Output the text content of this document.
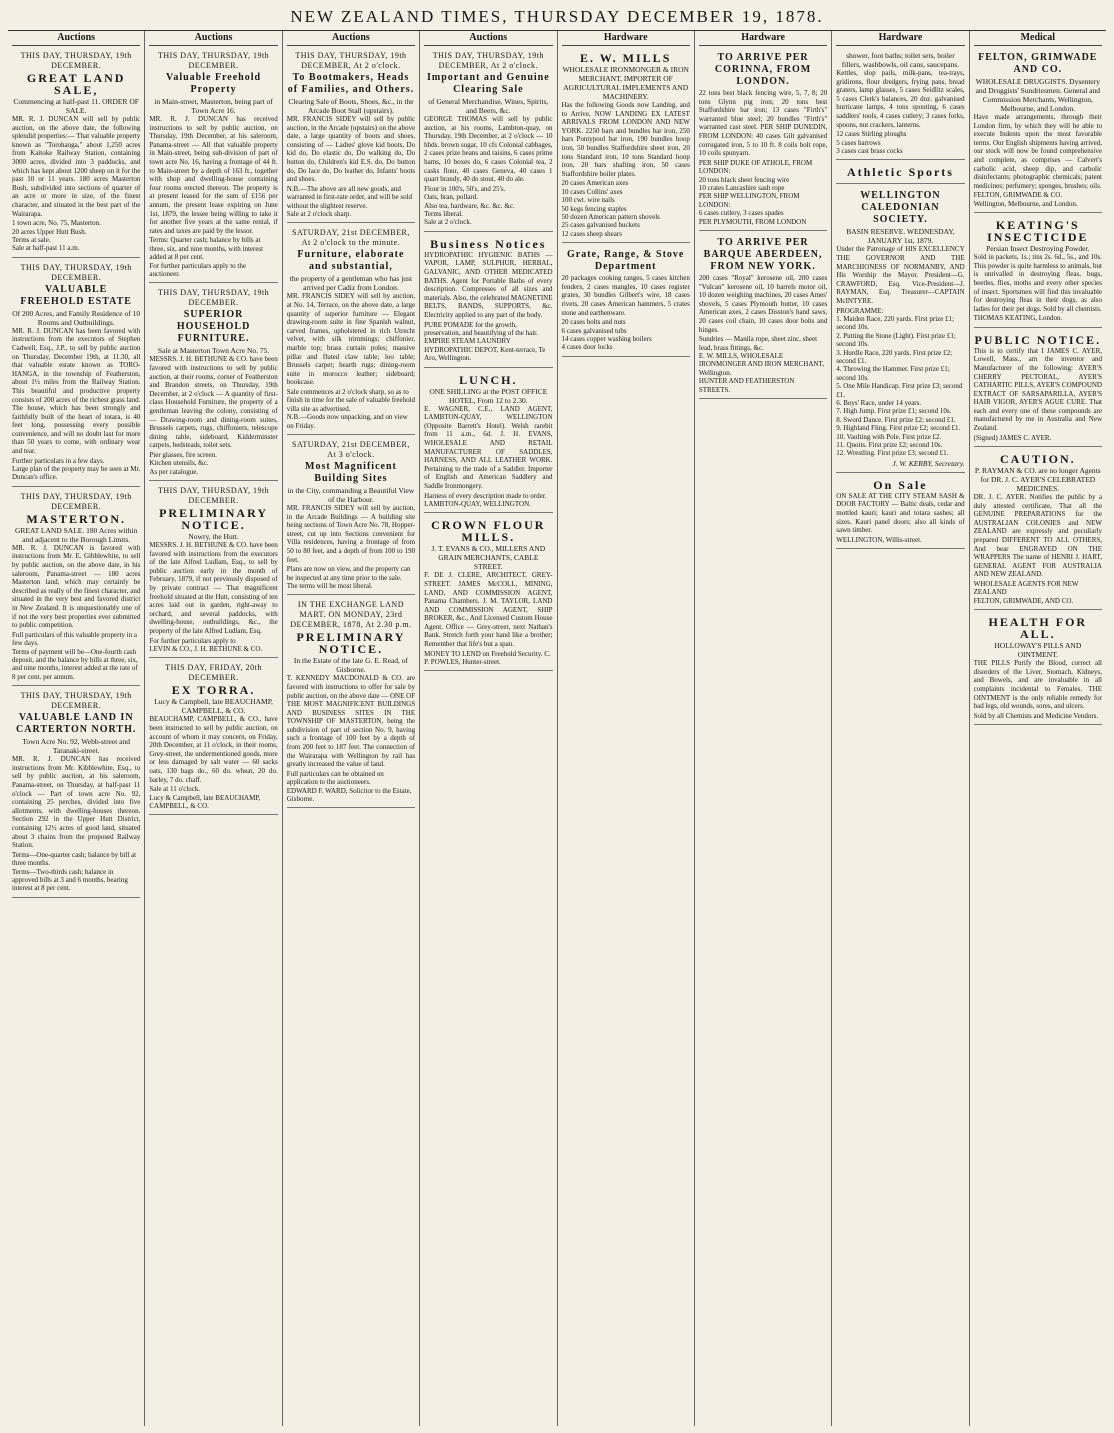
NEW ZEALAND TIMES, THURSDAY DECEMBER 19, 1878.
Auctions
THIS DAY, THURSDAY, 19th DECEMBER.
GREAT LAND SALE,
Commencing at half-past 11. ORDER OF SALE.
MR. R. J. DUNCAN will sell by public auction, on the above date, the following splendid properties:— That valuable property known as "Torohanga," about 1,250 acres from Kaitoke Railway Station, containing 3000 acres, divided into 3 paddocks, and which has kept about 1200 sheep on it for the past 10 or 11 years. 180 acres Masterton Bush, subdivided into sections of quarter of an acre or more in size, of the finest character, and situated in the best part of the Wairarapa.
1 town acre, No. 75, Masterton.
20 acres Upper Hutt Bush.
Terms at sale.
Sale at half-past 11 a.m.
THIS DAY, THURSDAY, 19th DECEMBER.
VALUABLE FREEHOLD ESTATE
Of 200 Acres, and Family Residence of 10 Rooms and Outbuildings.
MR. R. J. DUNCAN has been favored with instructions from the executors of Stephen Cadwell, Esq., J.P., to sell by public auction on Thursday, December 19th, at 11.30, all that valuable estate known as TORO-HANGA, in the township of Featherston, about 1½ miles from the Railway Station. This beautiful and productive property consists of 200 acres of the richest grass land. The house, which has been strongly and faithfully built of the heart of totara, is 40 feet long, possessing every possible convenience, and will no doubt last for more than 50 years to come, with ordinary wear and tear.
Further particulars in a few days.
Large plan of the property may be seen at Mr. Duncan's office.
THIS DAY, THURSDAY, 19th DECEMBER.
MASTERTON.
GREAT LAND SALE. 180 Acres within and adjacent to the Borough Limits.
MR. R. J. DUNCAN is favored with instructions from Mr. E. Gibblewhite, to sell by public auction, on the above date, in his saleroom, Panama-street — 180 acres Masterton land, which may certainly be described as really of the finest character, and situated in the very best and favored district in New Zealand. It is unquestionably one of if not the very best properties ever submitted to public competition.
Full particulars of this valuable property in a few days.
Terms of payment will be—One-fourth cash deposit, and the balance by bills at three, six, and nine months, interest added at the rate of 8 per cent. per annum.
THIS DAY, THURSDAY, 19th DECEMBER.
VALUABLE LAND IN CARTERTON NORTH.
Town Acre No. 92, Webb-street and Taranaki-street.
MR. R. J. DUNCAN has received instructions from Mr. Kibblewhite, Esq., to sell by public auction, at his saleroom, Panama-street, on Thursday, at half-past 11 o'clock — Part of town acre No. 92, containing 25 perches, divided into five allotments, with dwelling-houses thereon. Section 292 in the Upper Hutt District, containing 12½ acres of good land, situated about 3 chains from the proposed Railway Station.
Terms—One-quarter cash; balance by bill at three months.
Terms—Two-thirds cash; balance in approved bills at 3 and 6 months, bearing interest at 8 per cent.
Auctions
THIS DAY, THURSDAY, 19th DECEMBER.
Valuable Freehold Property
in Main-street, Masterton, being part of Town Acre 16.
MR. R. J. DUNCAN has received instructions to sell by public auction, on Thursday, 19th December, at his saleroom, Panama-street — All that valuable property in Main-street, being sub-division of part of town acre No. 16, having a frontage of 44 ft. to Main-street by a depth of 163 ft., together with shop and dwelling-house containing four rooms erected thereon. The property is at present leased for the sum of £156 per annum, the present lease expiring on June 1st, 1879, the lessee being willing to take it for another five years at the same rental, if rates and taxes are paid by the lessor.
Terms: Quarter cash; balance by bills at three, six, and nine months, with interest added at 8 per cent.
For further particulars apply to the auctioneer.
THIS DAY, THURSDAY, 19th DECEMBER.
SUPERIOR HOUSEHOLD FURNITURE.
Sale at Masterton Town Acre No. 75.
MESSRS. J. H. BETHUNE & CO. have been favored with instructions to sell by public auction, at their rooms, corner of Featherston and Brandon streets, on Thursday, 19th December, at 2 o'clock — A quantity of first-class Household Furniture, the property of a gentleman leaving the colony, consisting of — Drawing-room and dining-room suites, Brussels carpets, rugs, chiffoniers, telescope dining table, sideboard, Kidderminster carpets, bedsteads, toilet sets.
Pier glasses, fire screen.
Kitchen utensils, &c.
As per catalogue.
THIS DAY, THURSDAY, 19th DECEMBER.
PRELIMINARY NOTICE.
Nowry, the Hutt.
MESSRS. J. H. BETHUNE & CO. have been favored with instructions from the executors of the late Alfred Ludlam, Esq., to sell by public auction early in the month of February, 1879, if not previously disposed of by private contract — That magnificent freehold situated at the Hutt, consisting of ten acres laid out in garden, right-away to orchard, and several paddocks, with dwelling-house, outbuildings, &c., the property of the late Alfred Ludlam, Esq.
For further particulars apply to
LEVIN & CO., J. H. BETHUNE & CO.
THIS DAY, FRIDAY, 20th DECEMBER.
EX TORRA.
Lucy & Campbell, late BEAUCHAMP, CAMPBELL, & CO.
BEAUCHAMP, CAMPBELL, & CO., have been instructed to sell by public auction, on account of whom it may concern, on Friday, 20th December, at 11 o'clock, in their rooms, Grey-street, the undermentioned goods, more or less damaged by salt water — 60 sacks oats, 130 bags do., 60 do. wheat, 20 do. barley, 7 do. chaff.
Sale at 11 o'clock.
Lucy & Campbell, late BEAUCHAMP, CAMPBELL, & CO.
Auctions
THIS DAY, THURSDAY, 19th DECEMBER, At 2 o'clock.
To Bootmakers, Heads of Families, and Others.
Clearing Sale of Boots, Shoes, &c., in the Arcade Boot Stall (upstairs).
MR. FRANCIS SIDEY will sell by public auction, in the Arcade (upstairs) on the above date, a large quantity of boots and shoes, consisting of — Ladies' glove kid boots, Do kid do, Do elastic do, Do walking do, Do button do, Children's kid E.S. do, Do button do, Do lace do, Do leather do, Infants' boots and shoes.
N.B.—The above are all new goods, and warranted in first-rate order, and will be sold without the slightest reserve.
Sale at 2 o'clock sharp.
SATURDAY, 21st DECEMBER, At 2 o'clock to the minute.
Furniture, elaborate and substantial,
the property of a gentleman who has just arrived per Cadiz from London.
MR. FRANCIS SIDEY will sell by auction, at No. 14, Terrace, on the above date, a large quantity of superior furniture — Elegant drawing-room suite in fine Spanish walnut, carved frames, upholstered in rich Utrecht velvet, with silk trimmings; chiffonier, marble top; brass curtain poles; massive pillar and fluted claw table; loo table; Brussels carpet; hearth rugs; dining-room suite in morocco leather; sideboard; bookcase.
Sale commences at 2 o'clock sharp, so as to finish in time for the sale of valuable freehold villa site as advertised.
N.B.—Goods now unpacking, and on view on Friday.
SATURDAY, 21st DECEMBER, At 3 o'clock.
Most Magnificent Building Sites
in the City, commanding a Beautiful View of the Harbour.
MR. FRANCIS SIDEY will sell by auction, in the Arcade Buildings — A building site being sections of Town Acre No. 78, Hopper-street, cut up into Sections convenient for Villa residences, having a frontage of from 50 to 80 feet, and a depth of from 100 to 190 feet.
Plans are now on view, and the property can be inspected at any time prior to the sale.
The terms will be most liberal.
IN THE EXCHANGE LAND MART. ON MONDAY, 23rd DECEMBER, 1878, At 2.30 p.m.
PRELIMINARY NOTICE.
In the Estate of the late G. E. Read, of Gisborne.
T. KENNEDY MACDONALD & CO. are favored with instructions to offer for sale by public auction, on the above date — ONE OF THE MOST MAGNIFICENT BUILDINGS AND BUSINESS SITES IN THE TOWNSHIP OF MASTERTON, being the subdivision of part of section No. 9, having such a frontage of 100 feet by a depth of from 200 feet to 187 feet. The connection of the Wairarapa with Wellington by rail has greatly increased the value of land.
Full particulars can be obtained on application to the auctioneers.
EDWARD F. WARD, Solicitor to the Estate, Gisborne.
Auctions
THIS DAY, THURSDAY, 19th DECEMBER, At 2 o'clock.
Important and Genuine Clearing Sale
of General Merchandise, Wines, Spirits, and Beers, &c.
GEORGE THOMAS will sell by public auction, at his rooms, Lambton-quay, on Thursday, 19th December, at 2 o'clock — 10 hhds. brown sugar, 10 cfs Colonial cabbages, 2 cases prize beans and raisins, 6 cases prime hams, 10 boxes do, 6 cases Colonial tea, 2 casks flour, 40 cases Geneva, 40 cases 1 quart brandy, 40 do stout, 40 do ale.
Flour in 100's, 50's, and 25's.
Oats, bran, pollard.
Also tea, hardware, &c. &c. &c.
Terms liberal.
Sale at 2 o'clock.
Business Notices
HYDROPATHIC HYGIENIC BATHS — VAPOR, LAMP, SULPHUR, HERBAL, GALVANIC, AND OTHER MEDICATED BATHS. Agent for Portable Baths of every description. Compresses of all sizes and materials. Also, the celebrated MAGNETINE BELTS, BANDS, SUPPORTS, &c. Electricity applied to any part of the body.
PURE POMADE for the growth, preservation, and beautifying of the hair.
EMPIRE STEAM LAUNDRY HYDROPATHIC DEPOT, Kent-terrace, Te Aro, Wellington.
LUNCH.
ONE SHILLING at the POST OFFICE HOTEL, From 12 to 2.30.
E. WAGNER, C.E., LAND AGENT, LAMBTON-QUAY, WELLINGTON (Opposite Barrett's Hotel). Welsh rarebit from 11 a.m., 6d. J. H. EVANS, WHOLESALE AND RETAIL MANUFACTURER OF SADDLES, HARNESS, AND ALL LEATHER WORK. Pertaining to the trade of a Saddler. Importer of English and American Saddlery and Saddle Ironmongery.
Harness of every description made to order.
LAMBTON-QUAY, WELLINGTON.
CROWN FLOUR MILLS.
J. T. EVANS & CO., MILLERS AND GRAIN MERCHANTS, CABLE STREET.
F. DE J. CLERE, ARCHITECT, GREY-STREET. JAMES McCOLL, MINING, LAND, AND COMMISSION AGENT, Panama Chambers. J. M. TAYLOR, LAND AND COMMISSION AGENT, SHIP BROKER, &c., And Licensed Custom House Agent. Office — Grey-street, next Nathan's Bank. Stretch forth your hand like a brother; Remember that life's but a span.
MONEY TO LEND on Freehold Security. C. P. POWLES, Hunter-street.
Hardware
E. W. MILLS
WHOLESALE IRONMONGER & IRON MERCHANT, IMPORTER OF AGRICULTURAL IMPLEMENTS AND MACHINERY.
Has the following Goods now Landing, and to Arrive, NOW LANDING EX LATEST ARRIVALS FROM LONDON AND NEW YORK. 2250 bars and bundles bar iron, 250 bars Pontypool bar iron, 190 bundles hoop iron, 50 bundles Staffordshire sheet iron, 20 tons Standard iron, 10 tons Standard hoop iron, 20 bars shafting iron, 50 cases Staffordshire boiler plates.
20 cases American axes
10 cases Collins' axes
100 cwt. wire nails
50 kegs fencing staples
50 dozen American pattern shovels
25 cases galvanised buckets
12 cases sheep shears
Grate, Range, & Stove Department
20 packages cooking ranges, 5 cases kitchen fenders, 2 cases mangles, 10 cases register grates, 30 bundles Gilbert's wire, 18 cases rivets, 20 cases American hammers, 5 crates stone and earthenware.
20 cases bolts and nuts
6 cases galvanised tubs
14 cases copper washing boilers
4 cases door locks
Hardware
TO ARRIVE PER CORINNA, FROM LONDON.
22 tons best black fencing wire, 5, 7, 8; 20 tons Glynn pig iron; 20 tons best Staffordshire bar iron; 13 cases "Firth's" warranted blue steel; 20 bundles "Firth's" warranted cast steel. PER SHIP DUNEDIN, FROM LONDON: 40 cases Gilt galvanised corrugated iron, 5 to 10 ft. 8 coils bolt rope, 10 coils spunyarn.
PER SHIP DUKE OF ATHOLE, FROM LONDON:
20 tons black sheet fencing wire
10 crates Lancashire sash rope
PER SHIP WELLINGTON, FROM LONDON:
6 cases cutlery, 3 cases spades
PER PLYMOUTH, FROM LONDON
TO ARRIVE PER BARQUE ABERDEEN, FROM NEW YORK.
200 cases "Royal" kerosene oil, 200 cases "Vulcan" kerosene oil, 10 barrels motor oil, 10 dozen weighing machines, 20 cases Ames' shovels, 5 cases Plymouth butter, 10 cases American axes, 2 cases Disston's hand saws, 20 cases coil chain, 10 cases door bolts and hinges.
Sundries — Manila rope, sheet zinc, sheet lead, brass fittings, &c.
E. W. MILLS, WHOLESALE IRONMONGER AND IRON MERCHANT, Wellington.
HUNTER AND FEATHERSTON STREETS.
Hardware
shower, foot baths; toilet sets, boiler fillers, washbowls, oil cans, saucepans.
Kettles, slop pails, milk-pans, tea-trays, gridirons, flour dredgers, frying pans, bread graters, lamp glasses, 5 cases Seidlitz scales, 5 cases Clerk's balances, 20 doz. galvanised hurricane lamps, 4 tons spouting, 6 cases saddlers' tools, 4 cases cutlery; 3 cases forks, spoons, nut crackers, lanterns.
12 cases Stirling ploughs
5 cases harrows
3 cases cast brass cocks
Athletic Sports
WELLINGTON CALEDONIAN SOCIETY.
BASIN RESERVE. WEDNESDAY, JANUARY 1st, 1879.
Under the Patronage of HIS EXCELLENCY THE GOVERNOR AND THE MARCHIONESS OF NORMANBY, AND His Worship the Mayor. President—G. CRAWFORD, Esq. Vice-President—J. RAYMAN, Esq. Treasurer—CAPTAIN McINTYRE.
PROGRAMME:
1. Maiden Race, 220 yards. First prize £1; second 10s.
2. Putting the Stone (Light). First prize £1; second 10s.
3. Hurdle Race, 220 yards. First prize £2; second £1.
4. Throwing the Hammer. First prize £1; second 10s.
5. One Mile Handicap. First prize £3; second £1.
6. Boys' Race, under 14 years.
7. High Jump. First prize £1; second 10s.
8. Sword Dance. First prize £2; second £1.
9. Highland Fling. First prize £2; second £1.
10. Vaulting with Pole. First prize £2.
11. Quoits. First prize £2; second 10s.
12. Wrestling. First prize £3; second £1.
J. W. KERBY, Secretary.
On Sale
ON SALE AT THE CITY STEAM SASH & DOOR FACTORY — Baltic deals, cedar and mottled kauri; kauri and totara sashes; all sizes. Kauri panel doors; also all kinds of sawn timber.
WELLINGTON, Willis-street.
Medical
FELTON, GRIMWADE AND CO.
WHOLESALE DRUGGISTS. Dysentery and Druggists' Sundriesmen. General and Commission Merchants, Wellington, Melbourne, and London.
Have made arrangements, through their London firm, by which they will be able to execute Indents upon the most favorable terms. Our English shipments having arrived, our stock will now be found comprehensive and complete, as comprises — Calvert's carbolic acid, sheep dip, and carbolic disinfectants; photographic chemicals; patent medicines; perfumery; sponges, brushes; oils.
FELTON, GRIMWADE & CO.
Wellington, Melbourne, and London.
KEATING'S INSECTICIDE
Persian Insect Destroying Powder.
Sold in packets, 1s.; tins 2s. 6d., 5s., and 10s. This powder is quite harmless to animals, but is unrivalled in destroying fleas, bugs, beetles, flies, moths and every other species of insect. Sportsmen will find this invaluable for destroying fleas in their dogs, as also ladies for their pet dogs. Sold by all chemists.
THOMAS KEATING, London.
PUBLIC NOTICE.
This is to certify that I JAMES C. AYER, Lowell, Mass., am the inventor and Manufacturer of the following: AYER'S CHERRY PECTORAL, AYER'S CATHARTIC PILLS, AYER'S COMPOUND EXTRACT OF SARSAPARILLA, AYER'S HAIR VIGOR, AYER'S AGUE CURE. That each and every one of these compounds are manufactured by me in Australia and New Zealand.
(Signed) JAMES C. AYER.
CAUTION.
P. RAYMAN & CO. are no longer Agents for DR. J. C. AYER'S CELEBRATED MEDICINES.
DR. J. C. AYER. Notifies the public by a duly attested certificate, That all the GENUINE PREPARATIONS for the AUSTRALIAN COLONIES and NEW ZEALAND are expressly and peculiarly prepared DIFFERENT TO ALL OTHERS, And bear ENGRAVED ON THE WRAPPERS The name of HENRI J. HART, GENERAL AGENT FOR AUSTRALIA AND NEW ZEALAND.
WHOLESALE AGENTS FOR NEW ZEALAND
FELTON, GRIMWADE, AND CO.
HEALTH FOR ALL.
HOLLOWAY'S PILLS AND OINTMENT.
THE PILLS Purify the Blood, correct all disorders of the Liver, Stomach, Kidneys, and Bowels, and are invaluable in all complaints incidental to Females. THE OINTMENT is the only reliable remedy for bad legs, old wounds, sores, and ulcers.
Sold by all Chemists and Medicine Vendors.
